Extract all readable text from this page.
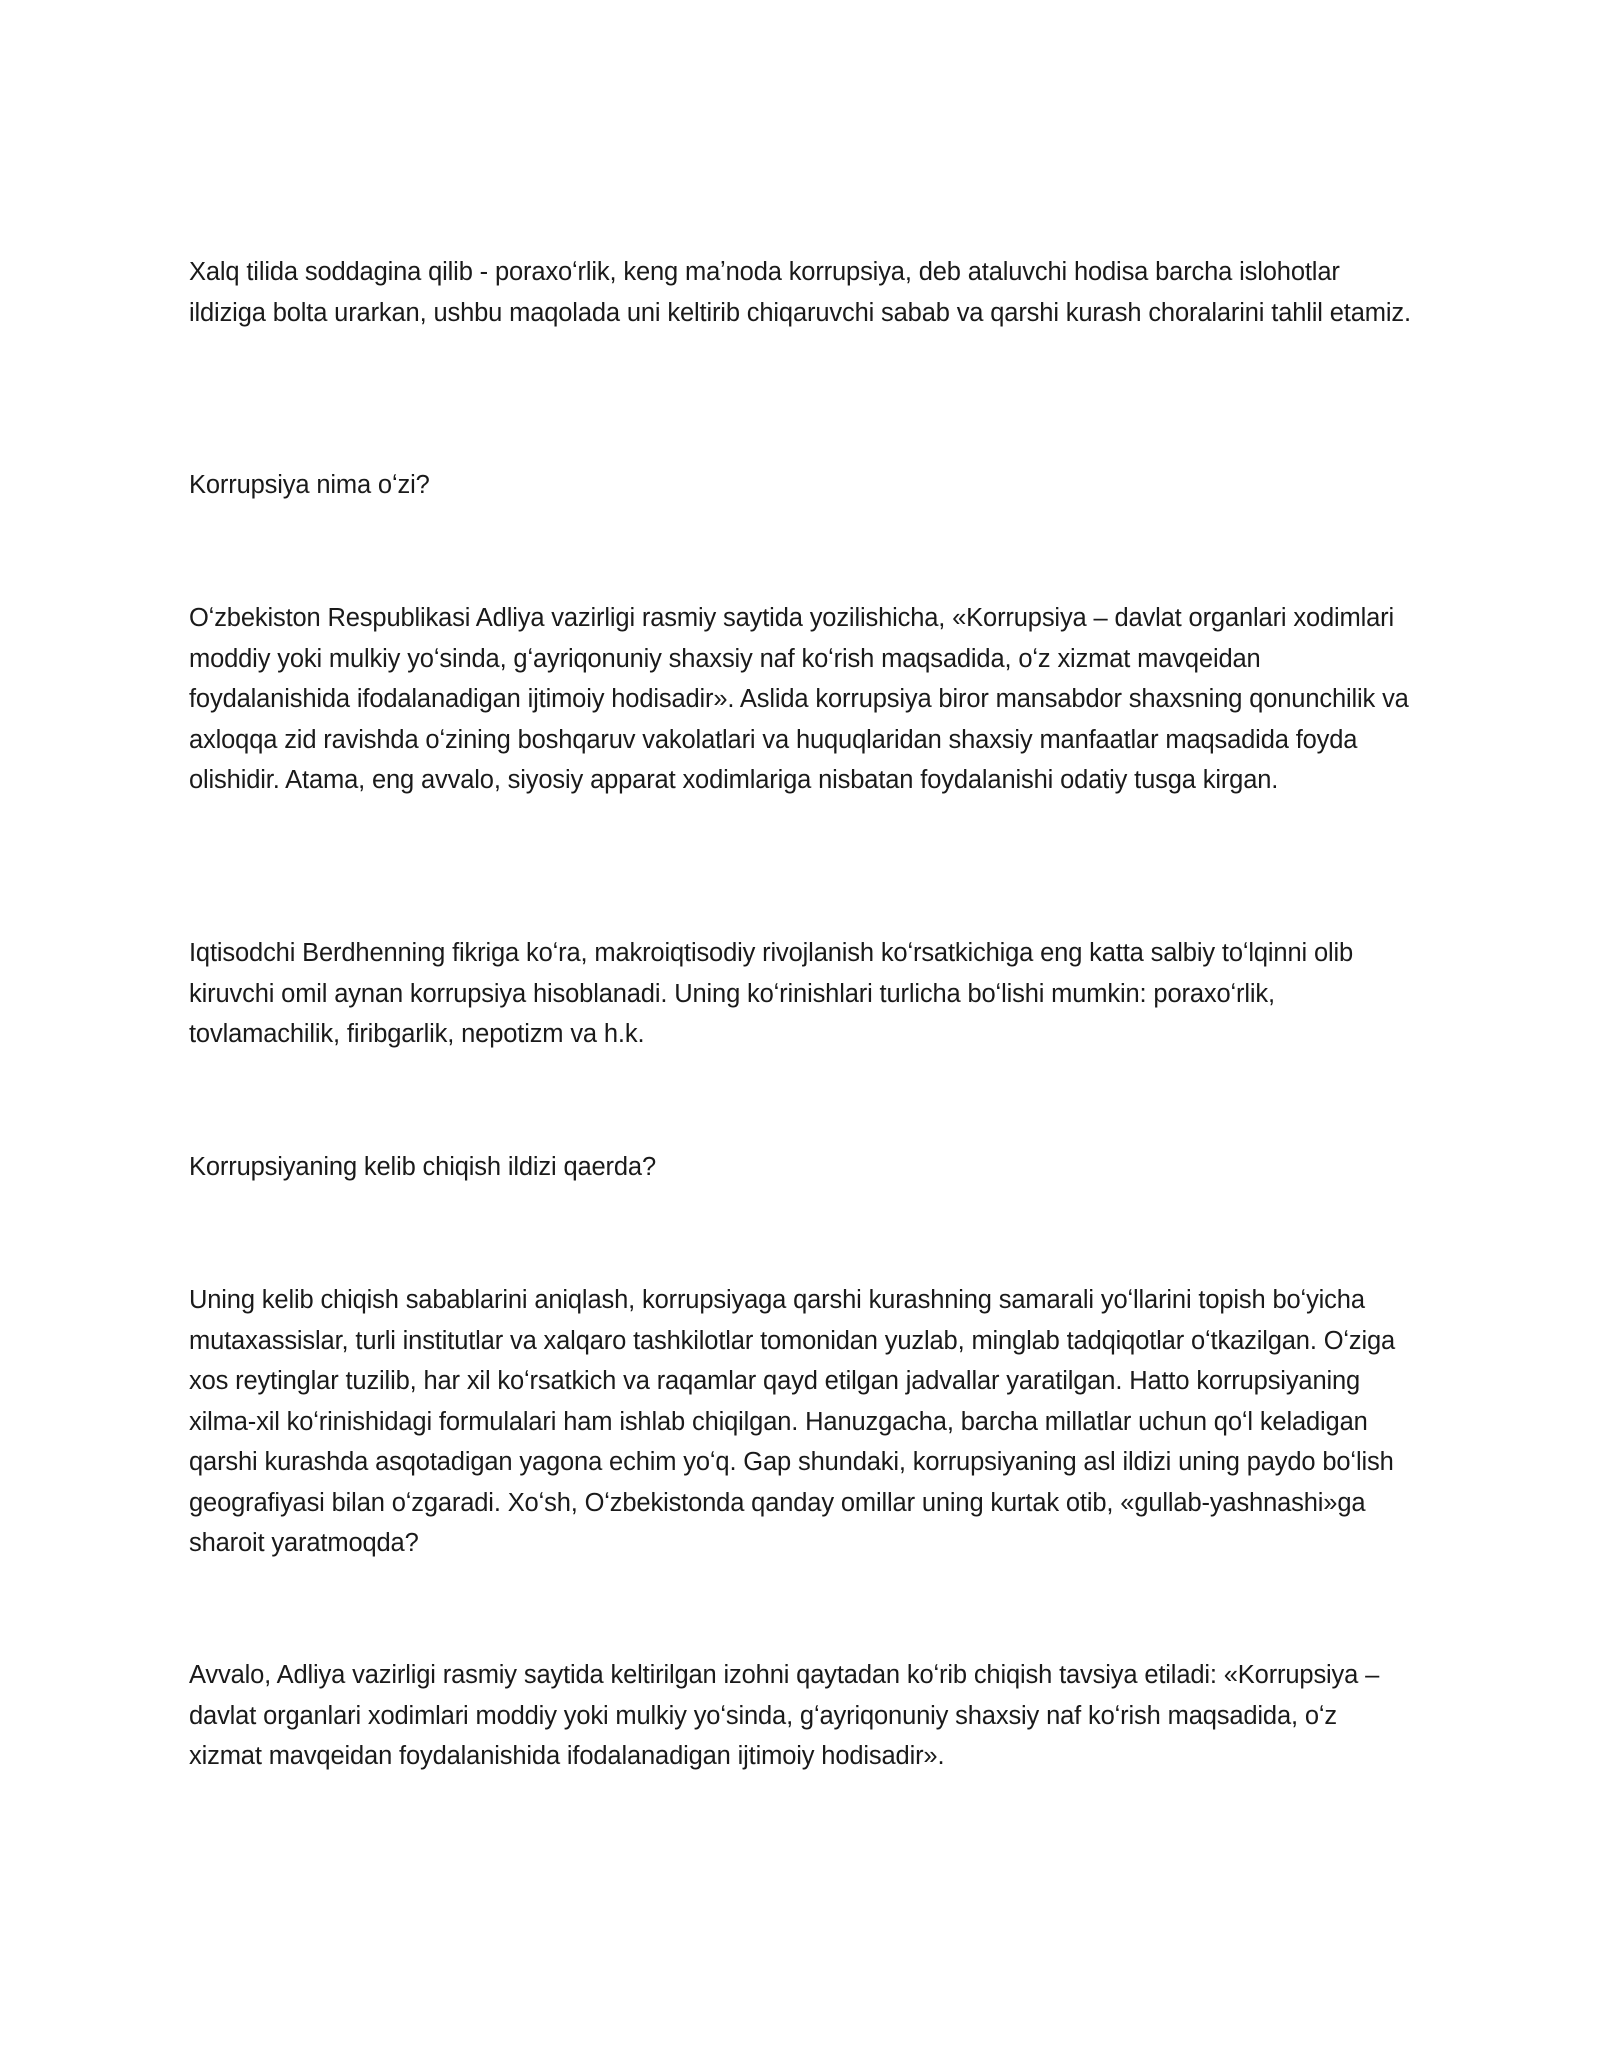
Xalq tilida soddagina qilib - poraxoʻrlik, keng maʼnoda korrupsiya, deb ataluvchi hodisa barcha islohotlar ildiziga bolta urarkan, ushbu maqolada uni keltirib chiqaruvchi sabab va qarshi kurash choralarini tahlil etamiz.

Korrupsiya nima oʻzi?

Oʻzbekiston Respublikasi Adliya vazirligi rasmiy saytida yozilishicha, «Korrupsiya – davlat organlari xodimlari moddiy yoki mulkiy yoʻsinda, gʻayriqonuniy shaxsiy naf koʻrish maqsadida, oʻz xizmat mavqeidan foydalanishida ifodalanadigan ijtimoiy hodisadir». Aslida korrupsiya biror mansabdor shaxsning qonunchilik va axloqqa zid ravishda oʻzining boshqaruv vakolatlari va huquqlaridan shaxsiy manfaatlar maqsadida foyda olishidir. Atama, eng avvalo, siyosiy apparat xodimlariga nisbatan foydalanishi odatiy tusga kirgan.

Iqtisodchi Berdhenning fikriga koʻra, makroiqtisodiy rivojlanish koʻrsatkichiga eng katta salbiy toʻlqinni olib kiruvchi omil aynan korrupsiya hisoblanadi. Uning koʻrinishlari turlicha boʻlishi mumkin: poraxoʻrlik, tovlamachilik, firibgarlik, nepotizm va h.k.

Korrupsiyaning kelib chiqish ildizi qaerda?

Uning kelib chiqish sabablarini aniqlash, korrupsiyaga qarshi kurashning samarali yoʻllarini topish boʻyicha mutaxassislar, turli institutlar va xalqaro tashkilotlar tomonidan yuzlab, minglab tadqiqotlar oʻtkazilgan. Oʻziga xos reytinglar tuzilib, har xil koʻrsatkich va raqamlar qayd etilgan jadvallar yaratilgan. Hatto korrupsiyaning xilma-xil koʻrinishidagi formulalari ham ishlab chiqilgan. Hanuzgacha, barcha millatlar uchun qoʻl keladigan qarshi kurashda asqotadigan yagona echim yoʻq. Gap shundaki, korrupsiyaning asl ildizi uning paydo boʻlish geografiyasi bilan oʻzgaradi. Xoʻsh, Oʻzbekistonda qanday omillar uning kurtak otib, «gullab-yashnashi»ga sharoit yaratmoqda?

Avvalo, Adliya vazirligi rasmiy saytida keltirilgan izohni qaytadan koʻrib chiqish tavsiya etiladi: «Korrupsiya – davlat organlari xodimlari moddiy yoki mulkiy yoʻsinda, gʻayriqonuniy shaxsiy naf koʻrish maqsadida, oʻz xizmat mavqeidan foydalanishida ifodalanadigan ijtimoiy hodisadir».
